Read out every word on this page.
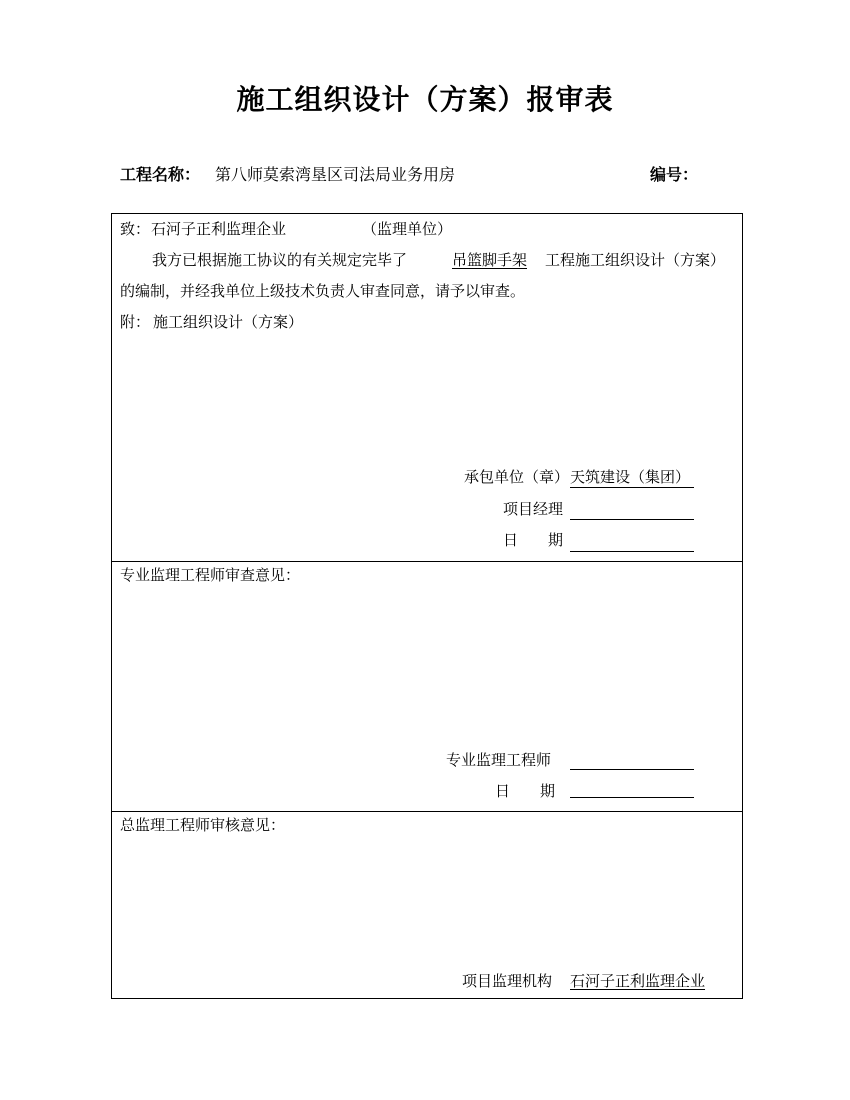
施工组织设计（方案）报审表
工程名称： 第八师莫索湾垦区司法局业务用房	编号：
致： 石河子正利监理企业	（监理单位）
我方已根据施工协议的有关规定完毕了	吊篮脚手架 工程施工组织设计（方案）
的编制，并经我单位上级技术负责人审查同意，请予以审查。
附： 施工组织设计（方案）
承包单位（章） 天筑建设（集团）
项目经理
日　　期
专业监理工程师审查意见：
专业监理工程师
日　　期
总监理工程师审核意见：
项目监理机构 石河子正利监理企业
